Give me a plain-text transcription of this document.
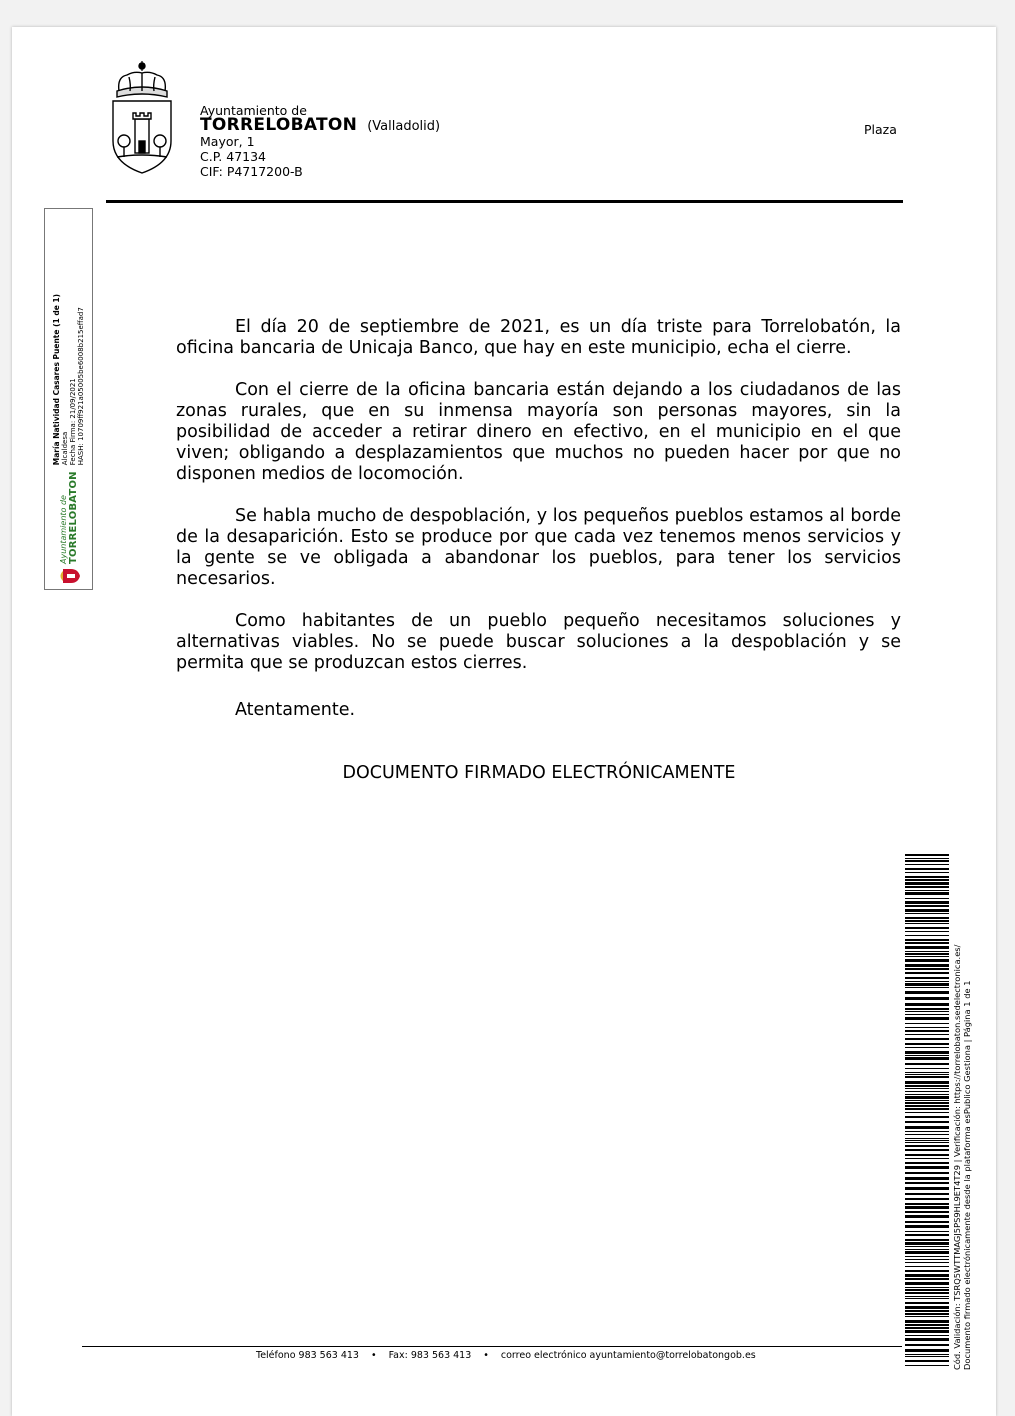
Ayuntamiento de
TORRELOBATON (Valladolid)
Mayor, 1
C.P. 47134
CIF: P4717200-B
Plaza
Ayuntamiento de TORRELOBATON
María Natividad Casares Puente (1 de 1) Alcaldesa Fecha Firma: 21/09/2021 HASH: 10709ff921a05005be6008b215effad7	El día 20 de septiembre de 2021, es un día triste para Torrelobatón, la oficina bancaria de Unicaja Banco, que hay en este municipio, echa el cierre.

Con el cierre de la oficina bancaria están dejando a los ciudadanos de las zonas rurales, que en su inmensa mayoría son personas mayores, sin la posibilidad de acceder a retirar dinero en efectivo, en el municipio en el que viven; obligando a desplazamientos que muchos no pueden hacer por que no disponen medios de locomoción.

Se habla mucho de despoblación, y los pequeños pueblos estamos al borde de la desaparición. Esto se produce por que cada vez tenemos menos servicios y la gente se ve obligada a abandonar los pueblos, para tener los servicios necesarios.

Como habitantes de un pueblo pequeño necesitamos soluciones y alternativas viables. No se puede buscar soluciones a la despoblación y se permita que se produzcan estos cierres.

Atentamente.
DOCUMENTO FIRMADO ELECTRÓNICAMENTE
Cód. Validación: TSRQ5WTTMAGJ5PS9HL9ET4T29 | Verificación: https://torrelobaton.sedelectronica.es/ Documento firmado electrónicamente desde la plataforma esPublico Gestiona | Página 1 de 1
Teléfono 983 563 413 • Fax: 983 563 413 • correo electrónico ayuntamiento@torrelobatongob.es
